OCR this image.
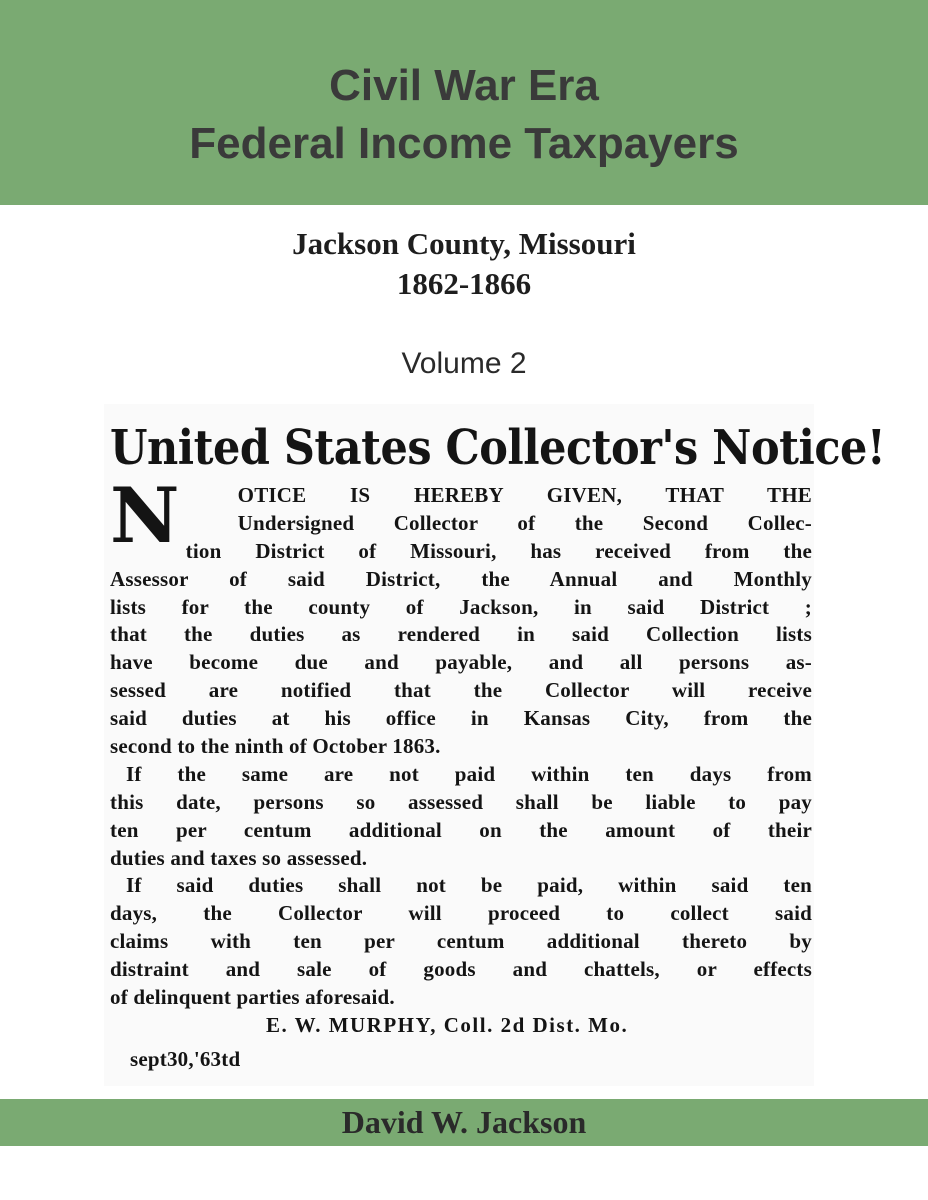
Civil War Era
Federal Income Taxpayers
Jackson County, Missouri
1862-1866
Volume 2
United States Collector's Notice!
N	OTICE IS HEREBY GIVEN, THAT THE
Undersigned Collector of the Second Collec-
tion District of Missouri, has received from the
Assessor of said District, the Annual and Monthly
lists for the county of Jackson, in said District ;
that the duties as rendered in said Collection lists
have become due and payable, and all persons as-
sessed are notified that the Collector will receive
said duties at his office in Kansas City, from the
second to the ninth of October 1863.
If the same are not paid within ten days from
this date, persons so assessed shall be liable to pay
ten per centum additional on the amount of their
duties and taxes so assessed.
If said duties shall not be paid, within said ten
days, the Collector will proceed to collect said
claims with ten per centum additional thereto by
distraint and sale of goods and chattels, or effects
of delinquent parties aforesaid.
E. W. MURPHY, Coll. 2d Dist. Mo.
sept30,'63td
David W. Jackson
